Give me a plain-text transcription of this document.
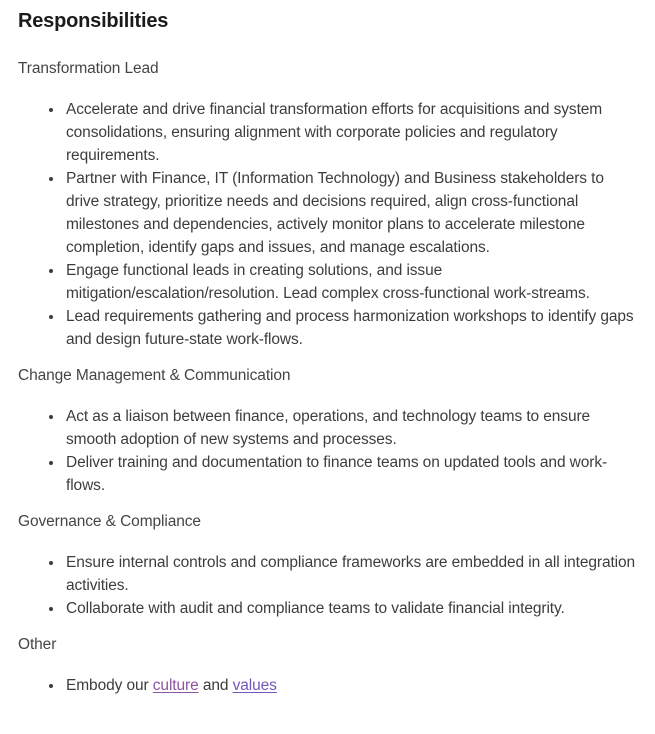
Responsibilities

Transformation Lead

• Accelerate and drive financial transformation efforts for acquisitions and system consolidations, ensuring alignment with corporate policies and regulatory requirements.
• Partner with Finance, IT (Information Technology) and Business stakeholders to drive strategy, prioritize needs and decisions required, align cross-functional milestones and dependencies, actively monitor plans to accelerate milestone completion, identify gaps and issues, and manage escalations.
• Engage functional leads in creating solutions, and issue mitigation/escalation/resolution. Lead complex cross-functional work-streams.
• Lead requirements gathering and process harmonization workshops to identify gaps and design future-state work-flows.

Change Management & Communication

• Act as a liaison between finance, operations, and technology teams to ensure smooth adoption of new systems and processes.
• Deliver training and documentation to finance teams on updated tools and work-flows.

Governance & Compliance

• Ensure internal controls and compliance frameworks are embedded in all integration activities.
• Collaborate with audit and compliance teams to validate financial integrity.

Other

• Embody our culture and values
